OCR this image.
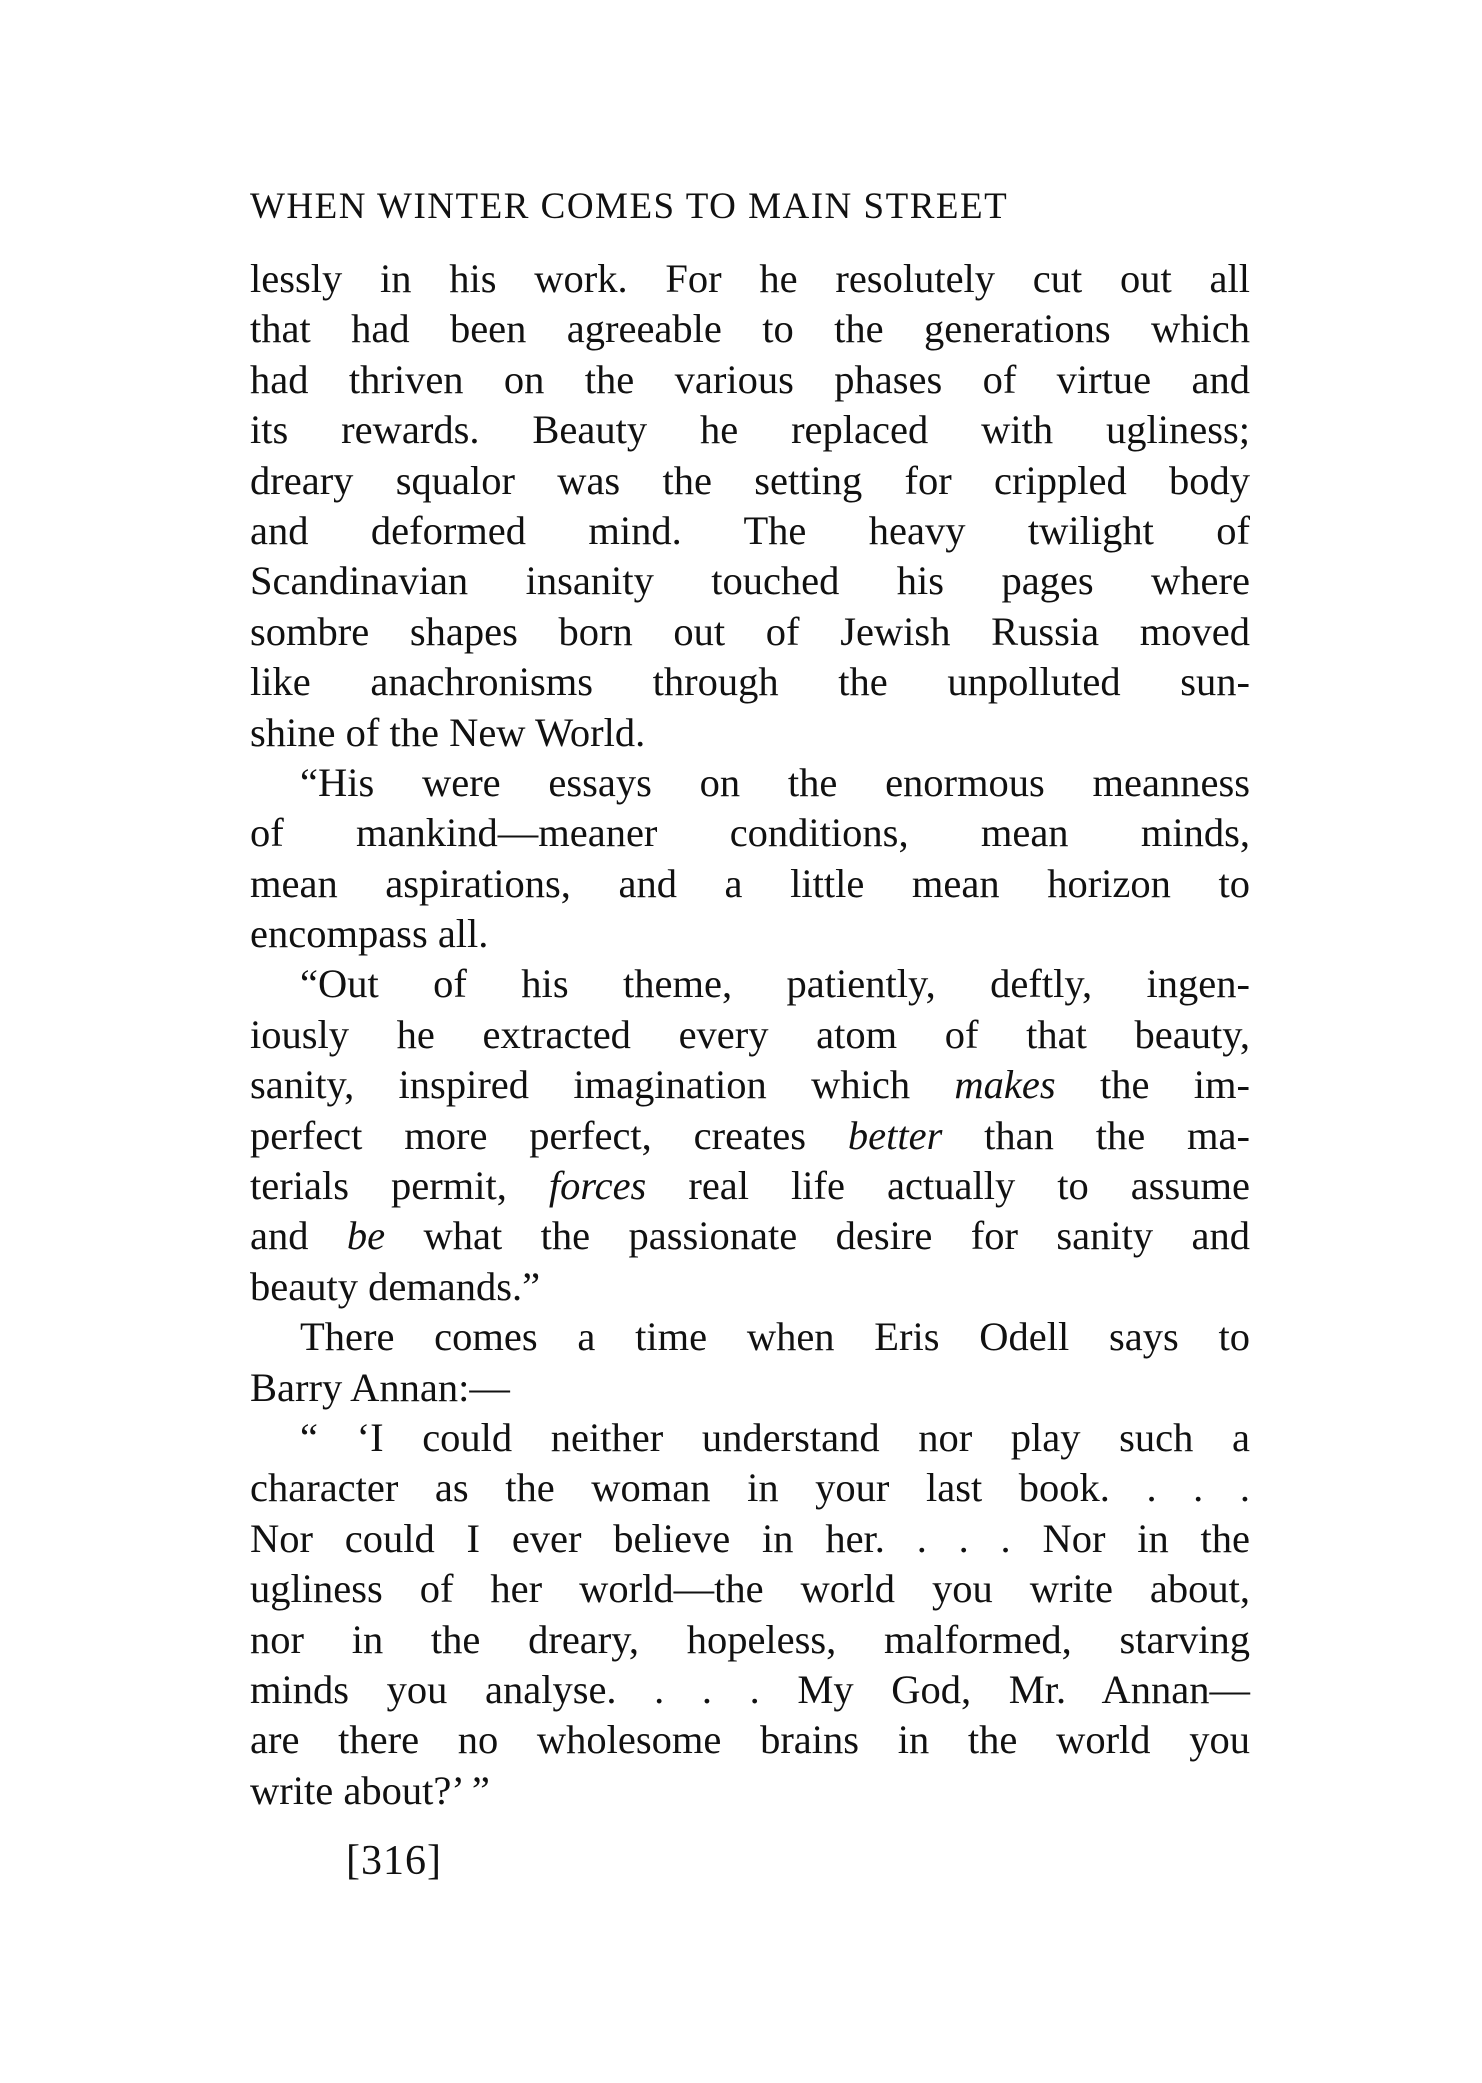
WHEN WINTER COMES TO MAIN STREET
lessly in his work. For he resolutely cut out all
that had been agreeable to the generations which
had thriven on the various phases of virtue and
its rewards. Beauty he replaced with ugliness;
dreary squalor was the setting for crippled body
and deformed mind. The heavy twilight of
Scandinavian insanity touched his pages where
sombre shapes born out of Jewish Russia moved
like anachronisms through the unpolluted sun-
shine of the New World.
“His were essays on the enormous meanness
of mankind—meaner conditions, mean minds,
mean aspirations, and a little mean horizon to
encompass all.
“Out of his theme, patiently, deftly, ingen-
iously he extracted every atom of that beauty,
sanity, inspired imagination which makes the im-
perfect more perfect, creates better than the ma-
terials permit, forces real life actually to assume
and be what the passionate desire for sanity and
beauty demands.”
There comes a time when Eris Odell says to
Barry Annan:—
“ ‘I could neither understand nor play such a
character as the woman in your last book. . . .
Nor could I ever believe in her. . . . Nor in the
ugliness of her world—the world you write about,
nor in the dreary, hopeless, malformed, starving
minds you analyse. . . . My God, Mr. Annan—
are there no wholesome brains in the world you
write about?’ ”
[316]
